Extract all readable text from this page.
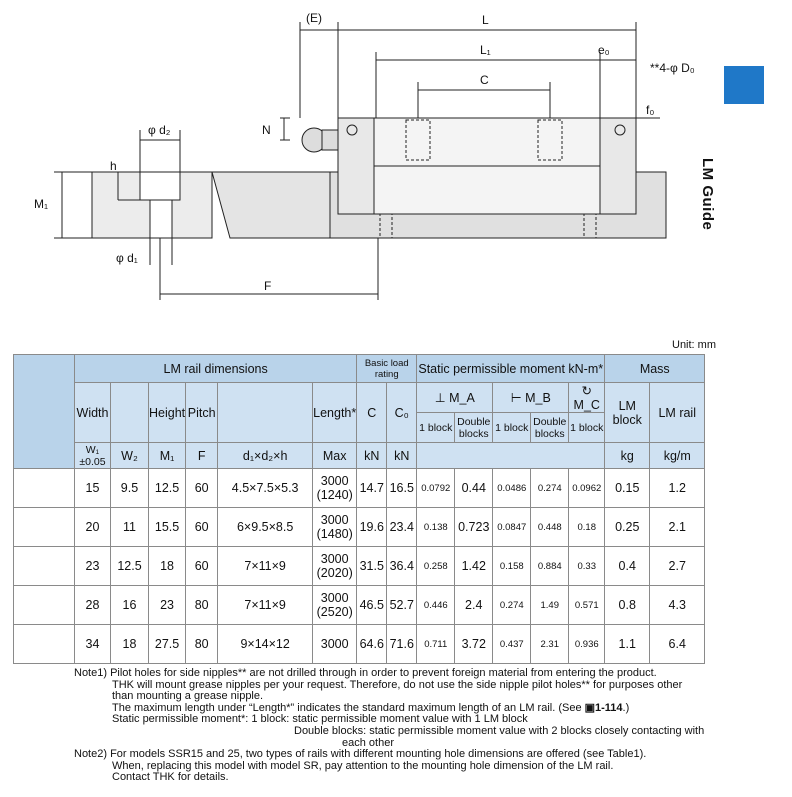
(E)	L
L₁	e₀
**4-φ D₀
C
f₀
N
φ d₂
h
M₁
φ d₁
F
LM Guide
Unit: mm
	LM rail dimensions						Basic load rating		Static permissible moment kN-m*					Mass	
	Width		Height	Pitch		Length*	C	C₀	⊥ M_A		⊢ M_B		↻ M_C	LM block	LM rail
									1 block	Double blocks	1 block	Double blocks	1 block		
	W₁ ±0.05	W₂	M₁	F	d₁×d₂×h	Max	kN	kN						kg	kg/m
	15	9.5	12.5	60	4.5×7.5×5.3	3000
(1240)	14.7	16.5	0.0792	0.44	0.0486	0.274	0.0962	0.15	1.2
	20	11	15.5	60	6×9.5×8.5	3000
(1480)	19.6	23.4	0.138	0.723	0.0847	0.448	0.18	0.25	2.1
	23	12.5	18	60	7×11×9	3000
(2020)	31.5	36.4	0.258	1.42	0.158	0.884	0.33	0.4	2.7
	28	16	23	80	7×11×9	3000
(2520)	46.5	52.7	0.446	2.4	0.274	1.49	0.571	0.8	4.3
	34	18	27.5	80	9×14×12	3000	64.6	71.6	0.711	3.72	0.437	2.31	0.936	1.1	6.4
Note1) Pilot holes for side nipples** are not drilled through in order to prevent foreign material from entering the product.
THK will mount grease nipples per your request. Therefore, do not use the side nipple pilot holes** for purposes other
than mounting a grease nipple.
The maximum length under “Length*” indicates the standard maximum length of an LM rail. (See ▣1-114.)
Static permissible moment*: 1 block: static permissible moment value with 1 LM block
Double blocks: static permissible moment value with 2 blocks closely contacting with
each other
Note2) For models SSR15 and 25, two types of rails with different mounting hole dimensions are offered (see Table1).
When, replacing this model with model SR, pay attention to the mounting hole dimension of the LM rail.
Contact THK for details.
